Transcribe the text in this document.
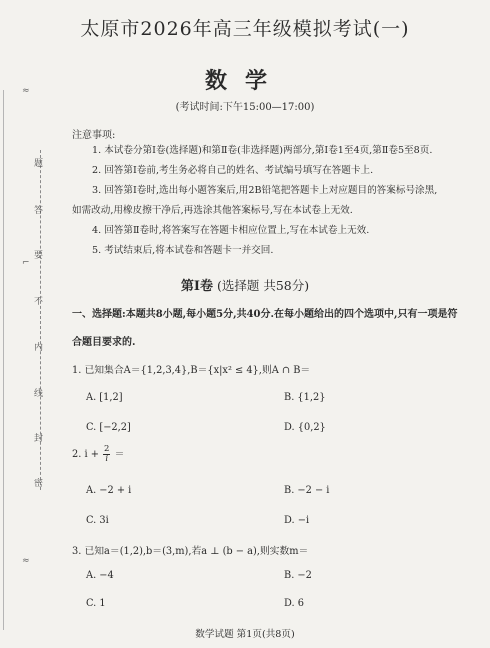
≈
⌐
≈
题
答
要
不
内
线
封
密
太原市2026年高三年级模拟考试(一)
数学
(考试时间:下午15:00—17:00)
注意事项:
1. 本试卷分第Ⅰ卷(选择题)和第Ⅱ卷(非选择题)两部分,第Ⅰ卷1至4页,第Ⅱ卷5至8页.
2. 回答第Ⅰ卷前,考生务必将自己的姓名、考试编号填写在答题卡上.
3. 回答第Ⅰ卷时,选出每小题答案后,用2B铅笔把答题卡上对应题目的答案标号涂黑,
如需改动,用橡皮擦干净后,再选涂其他答案标号,写在本试卷上无效.
4. 回答第Ⅱ卷时,将答案写在答题卡相应位置上,写在本试卷上无效.
5. 考试结束后,将本试卷和答题卡一并交回.
第Ⅰ卷 (选择题 共58分)
一、选择题:本题共8小题,每小题5分,共40分.在每小题给出的四个选项中,只有一项是符
合题目要求的.
1. 已知集合A＝{1,2,3,4},B＝{x|x² ≤ 4},则A ∩ B＝
A. [1,2]	B. {1,2}
C. [−2,2]	D. {0,2}
2. $i + \frac{2}{i}$ ＝
A. −2 + i	B. −2 − i
C. 3i	D. −i
3. 已知a＝(1,2),b＝(3,m),若a ⊥ (b − a),则实数m＝
A. −4	B. −2
C. 1	D. 6
数学试题 第1页(共8页)
